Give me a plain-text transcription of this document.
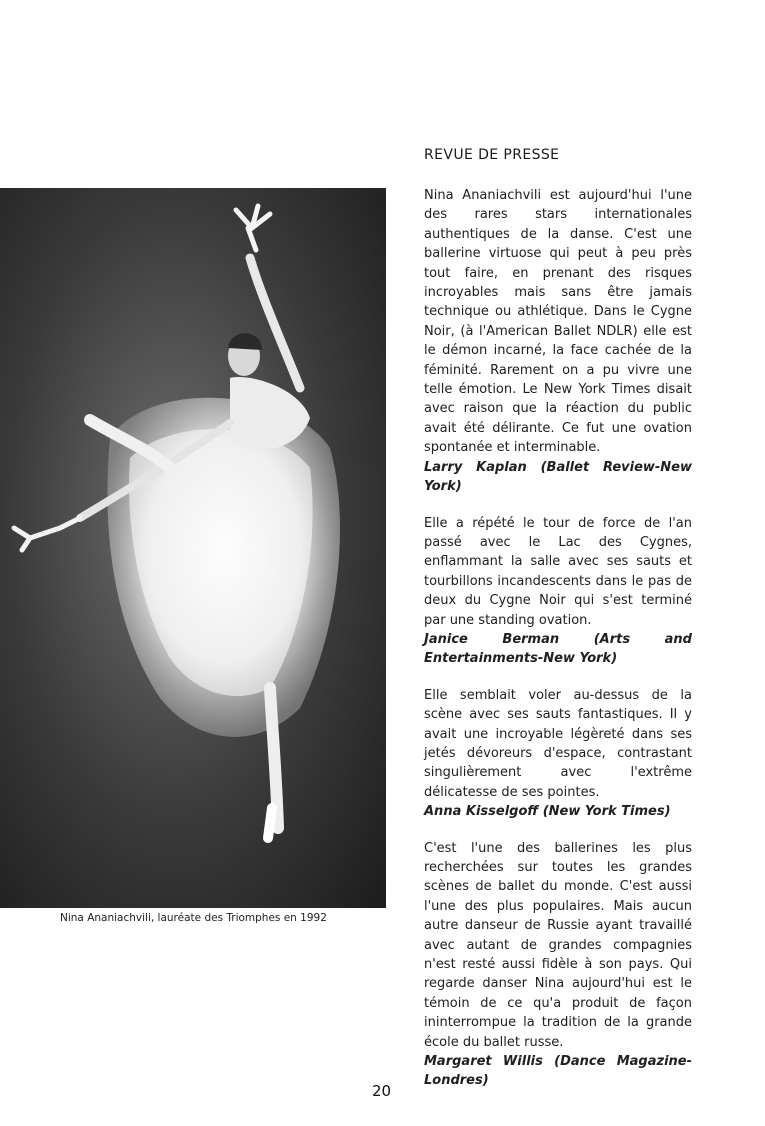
Nina Ananiachvili, lauréate des Triomphes en 1992
REVUE DE PRESSE

Nina Ananiachvili est aujourd'hui l'une des rares stars internationales authentiques de la danse. C'est une ballerine virtuose qui peut à peu près tout faire, en prenant des risques incroyables mais sans être jamais technique ou athlétique. Dans le Cygne Noir, (à l'American Ballet NDLR) elle est le démon incarné, la face cachée de la féminité. Rarement on a pu vivre une telle émotion. Le New York Times disait avec raison que la réaction du public avait été délirante. Ce fut une ovation spontanée et interminable.

Larry Kaplan (Ballet Review-New York)

Elle a répété le tour de force de l'an passé avec le Lac des Cygnes, enflammant la salle avec ses sauts et tourbillons incandescents dans le pas de deux du Cygne Noir qui s'est terminé par une standing ovation.

Janice Berman (Arts and Entertainments-New York)

Elle semblait voler au-dessus de la scène avec ses sauts fantastiques. Il y avait une incroyable légèreté dans ses jetés dévoreurs d'espace, contrastant singulièrement avec l'extrême délicatesse de ses pointes.

Anna Kisselgoff (New York Times)

C'est l'une des ballerines les plus recherchées sur toutes les grandes scènes de ballet du monde. C'est aussi l'une des plus populaires. Mais aucun autre danseur de Russie ayant travaillé avec autant de grandes compagnies n'est resté aussi fidèle à son pays. Qui regarde danser Nina aujourd'hui est le témoin de ce qu'a produit de façon ininterrompue la tradition de la grande école du ballet russe.

Margaret Willis (Dance Magazine-Londres)

20
